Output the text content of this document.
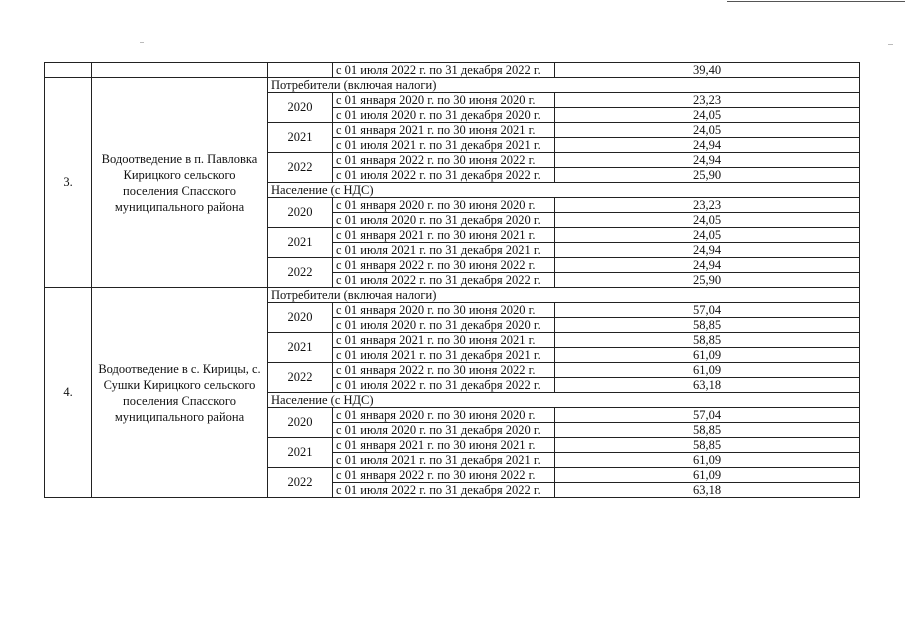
			с 01 июля 2022 г. по 31 декабря 2022 г.	39,40
3.	Водоотведение в п. Павловка Кирицкого сельского поселения Спасского муниципального района	Потребители (включая налоги)		
		2020	с 01 января 2020 г. по 30 июня 2020 г.	23,23
			с 01 июля 2020 г. по 31 декабря 2020 г.	24,05
		2021	с 01 января 2021 г. по 30 июня 2021 г.	24,05
			с 01 июля 2021 г. по 31 декабря 2021 г.	24,94
		2022	с 01 января 2022 г. по 30 июня 2022 г.	24,94
			с 01 июля 2022 г. по 31 декабря 2022 г.	25,90
		Население (с НДС)		
		2020	с 01 января 2020 г. по 30 июня 2020 г.	23,23
			с 01 июля 2020 г. по 31 декабря 2020 г.	24,05
		2021	с 01 января 2021 г. по 30 июня 2021 г.	24,05
			с 01 июля 2021 г. по 31 декабря 2021 г.	24,94
		2022	с 01 января 2022 г. по 30 июня 2022 г.	24,94
			с 01 июля 2022 г. по 31 декабря 2022 г.	25,90
4.	Водоотведение в с. Кирицы, с. Сушки Кирицкого сельского поселения Спасского муниципального района	Потребители (включая налоги)		
		2020	с 01 января 2020 г. по 30 июня 2020 г.	57,04
			с 01 июля 2020 г. по 31 декабря 2020 г.	58,85
		2021	с 01 января 2021 г. по 30 июня 2021 г.	58,85
			с 01 июля 2021 г. по 31 декабря 2021 г.	61,09
		2022	с 01 января 2022 г. по 30 июня 2022 г.	61,09
			с 01 июля 2022 г. по 31 декабря 2022 г.	63,18
		Население (с НДС)		
		2020	с 01 января 2020 г. по 30 июня 2020 г.	57,04
			с 01 июля 2020 г. по 31 декабря 2020 г.	58,85
		2021	с 01 января 2021 г. по 30 июня 2021 г.	58,85
			с 01 июля 2021 г. по 31 декабря 2021 г.	61,09
		2022	с 01 января 2022 г. по 30 июня 2022 г.	61,09
			с 01 июля 2022 г. по 31 декабря 2022 г.	63,18
